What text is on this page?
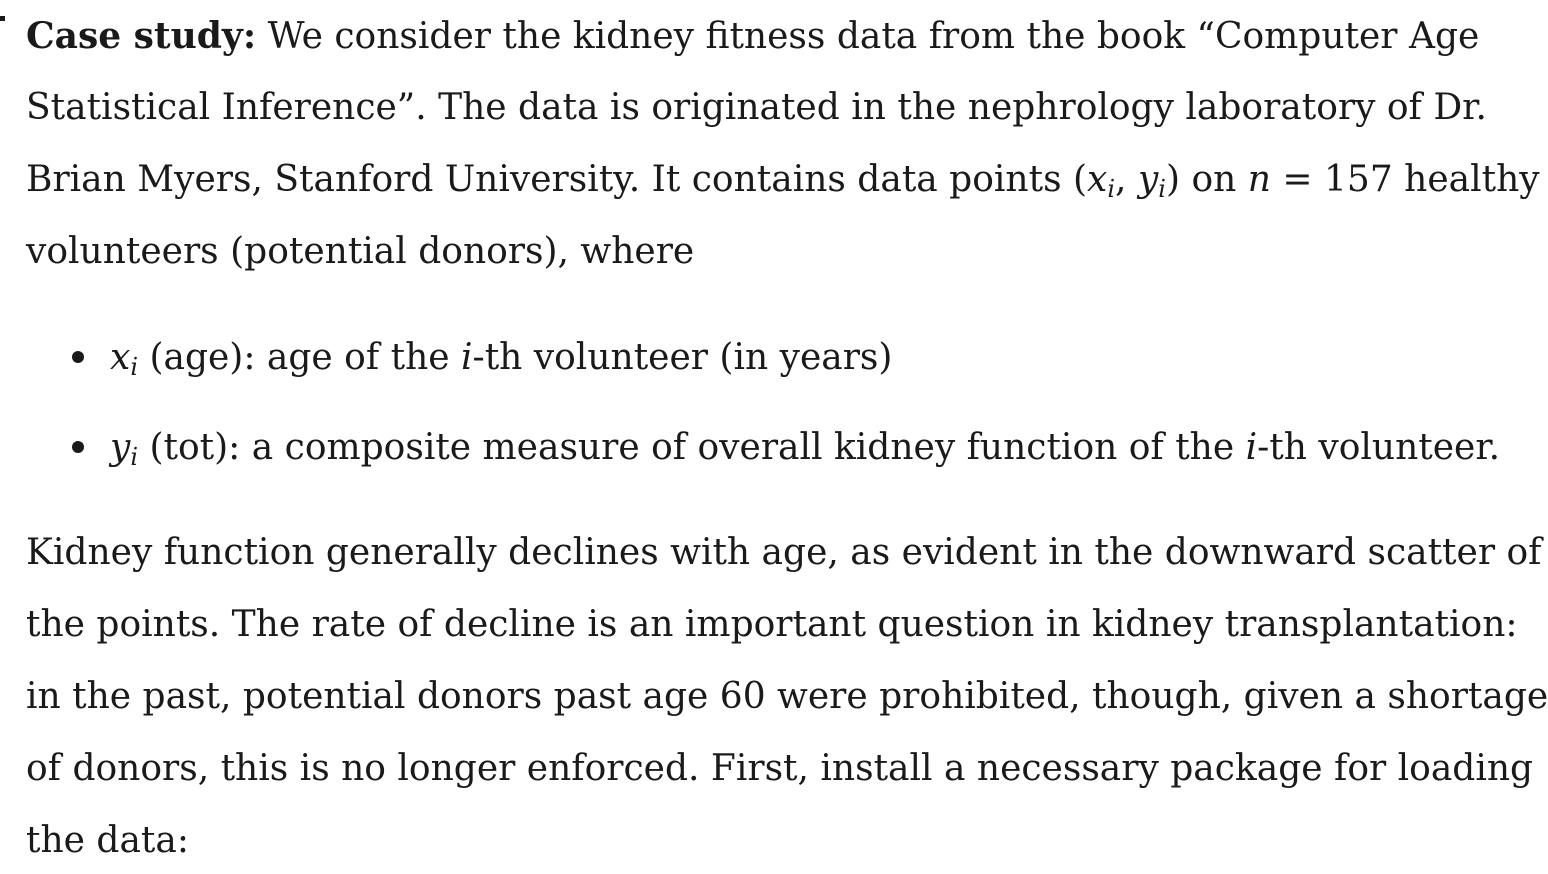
Case study: We consider the kidney fitness data from the book “Computer Age
Statistical Inference”. The data is originated in the nephrology laboratory of Dr.
Brian Myers, Stanford University. It contains data points ($x_i$, $y_i$) on n = 157 healthy
volunteers (potential donors), where
$x_i$ (age): age of the i-th volunteer (in years)
$y_i$ (tot): a composite measure of overall kidney function of the i-th volunteer.
Kidney function generally declines with age, as evident in the downward scatter of
the points. The rate of decline is an important question in kidney transplantation:
in the past, potential donors past age 60 were prohibited, though, given a shortage
of donors, this is no longer enforced. First, install a necessary package for loading
the data:
